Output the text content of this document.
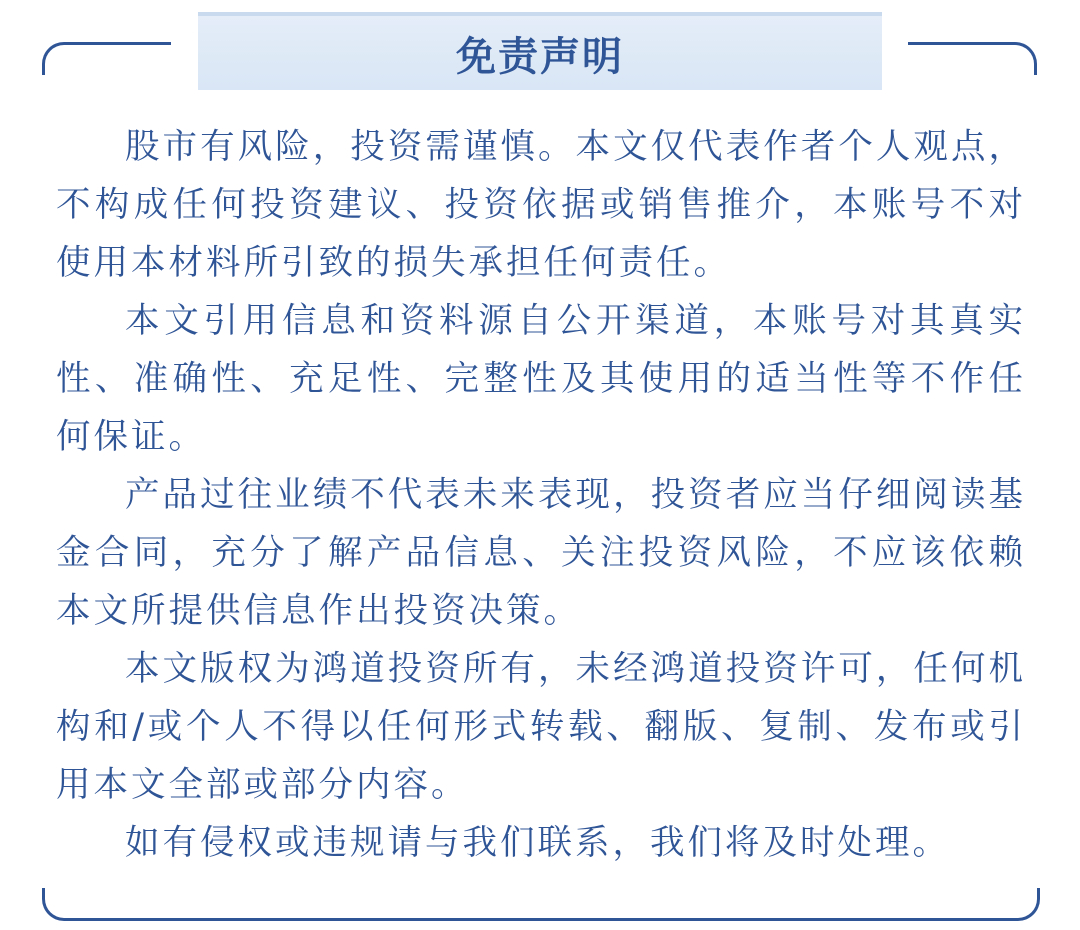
免责声明

股市有风险，投资需谨慎。本文仅代表作者个人观点，不构成任何投资建议、投资依据或销售推介，本账号不对使用本材料所引致的损失承担任何责任。

本文引用信息和资料源自公开渠道，本账号对其真实性、准确性、充足性、完整性及其使用的适当性等不作任何保证。

产品过往业绩不代表未来表现，投资者应当仔细阅读基金合同，充分了解产品信息、关注投资风险，不应该依赖本文所提供信息作出投资决策。

本文版权为鸿道投资所有，未经鸿道投资许可，任何机构和/或个人不得以任何形式转载、翻版、复制、发布或引用本文全部或部分内容。

如有侵权或违规请与我们联系，我们将及时处理。
